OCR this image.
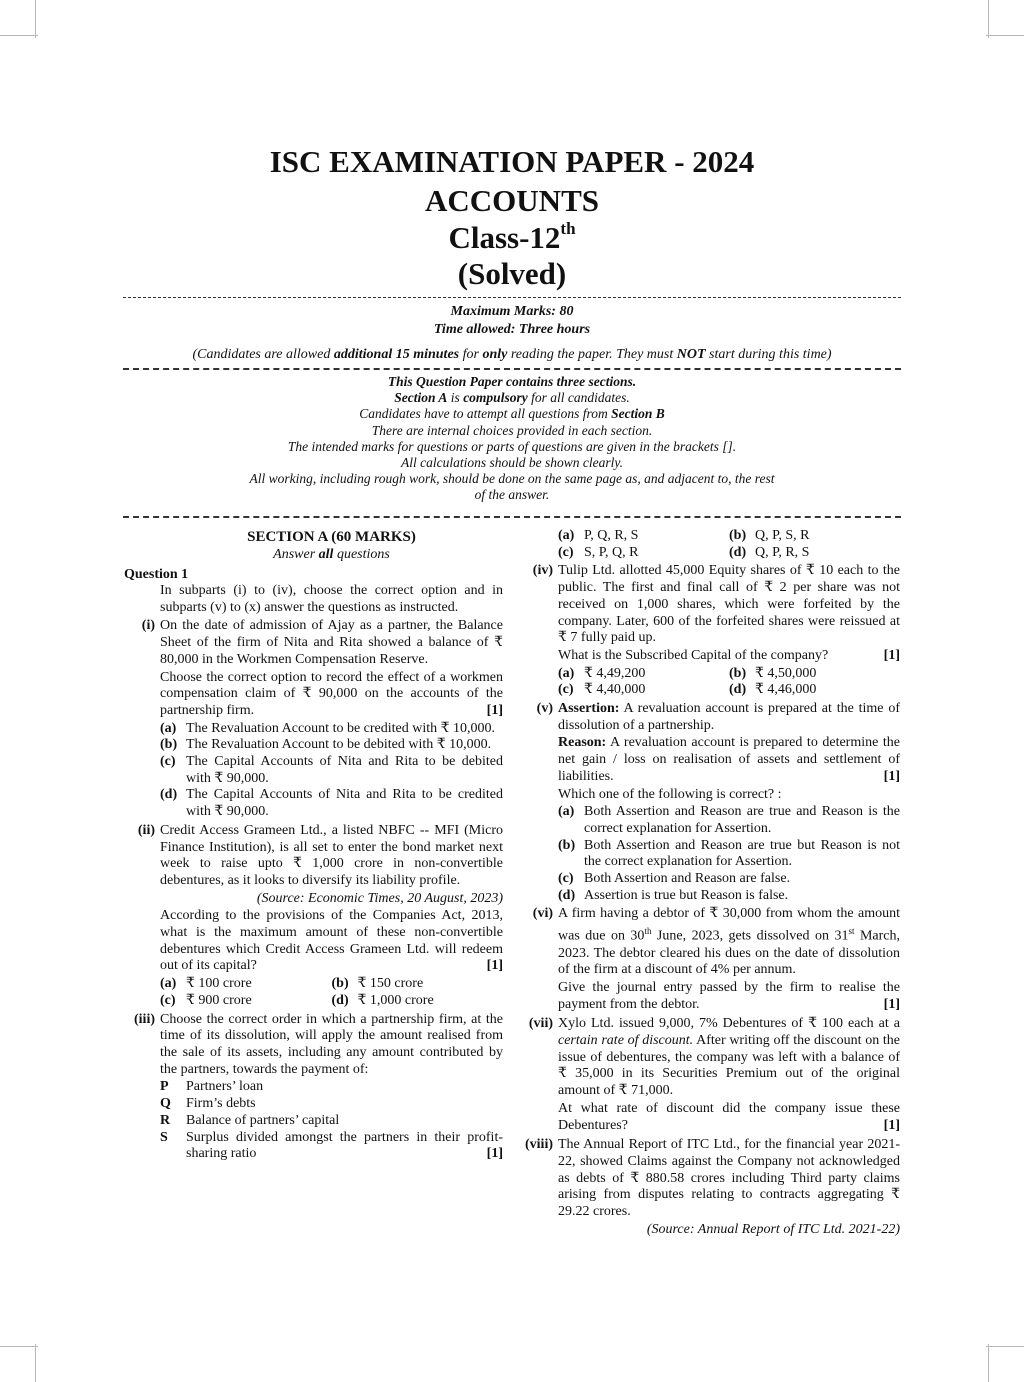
ISC EXAMINATION PAPER - 2024
ACCOUNTS
Class-12th
(Solved)
Maximum Marks: 80
Time allowed: Three hours
(Candidates are allowed additional 15 minutes for only reading the paper. They must NOT start during this time)
This Question Paper contains three sections.
Section A is compulsory for all candidates.
Candidates have to attempt all questions from Section B
There are internal choices provided in each section.
The intended marks for questions or parts of questions are given in the brackets [].
All calculations should be shown clearly.
All working, including rough work, should be done on the same page as, and adjacent to, the rest
of the answer.
SECTION A (60 MARKS)
Answer all questions
Question 1
In subparts (i) to (iv), choose the correct option and in subparts (v) to (x) answer the questions as instructed.
(i) On the date of admission of Ajay as a partner, the Balance Sheet of the firm of Nita and Rita showed a balance of ₹ 80,000 in the Workmen Compensation Reserve.

Choose the correct option to record the effect of a workmen compensation claim of ₹ 90,000 on the accounts of the partnership firm.	[1]

(a) The Revaluation Account to be credited with ₹ 10,000.
(b) The Revaluation Account to be debited with ₹ 10,000.
(c) The Capital Accounts of Nita and Rita to be debited with ₹ 90,000.
(d) The Capital Accounts of Nita and Rita to be credited with ₹ 90,000.
(ii) Credit Access Grameen Ltd., a listed NBFC -- MFI (Micro Finance Institution), is all set to enter the bond market next week to raise upto ₹ 1,000 crore in non-convertible debentures, as it looks to diversify its liability profile.

(Source: Economic Times, 20 August, 2023)

According to the provisions of the Companies Act, 2013, what is the maximum amount of these non-convertible debentures which Credit Access Grameen Ltd. will redeem out of its capital?	[1]

(a) ₹ 100 crore	(b) ₹ 150 crore
(c) ₹ 900 crore	(d) ₹ 1,000 crore
(iii) Choose the correct order in which a partnership firm, at the time of its dissolution, will apply the amount realised from the sale of its assets, including any amount contributed by the partners, towards the payment of:

P	Partners’ loan
Q	Firm’s debts
R	Balance of partners’ capital
S	Surplus divided amongst the partners in their profit-sharing ratio	[1]
(a) P, Q, R, S	(b) Q, P, S, R
(c) S, P, Q, R	(d) Q, P, R, S
(iv) Tulip Ltd. allotted 45,000 Equity shares of ₹ 10 each to the public. The first and final call of ₹ 2 per share was not received on 1,000 shares, which were forfeited by the company. Later, 600 of the forfeited shares were reissued at ₹ 7 fully paid up.

What is the Subscribed Capital of the company?	[1]

(a) ₹ 4,49,200	(b) ₹ 4,50,000
(c) ₹ 4,40,000	(d) ₹ 4,46,000
(v) Assertion: A revaluation account is prepared at the time of dissolution of a partnership.

Reason: A revaluation account is prepared to determine the net gain / loss on realisation of assets and settlement of liabilities.	[1]

Which one of the following is correct? :

(a) Both Assertion and Reason are true and Reason is the correct explanation for Assertion.
(b) Both Assertion and Reason are true but Reason is not the correct explanation for Assertion.
(c) Both Assertion and Reason are false.
(d) Assertion is true but Reason is false.
(vi) A firm having a debtor of ₹ 30,000 from whom the amount was due on 30th June, 2023, gets dissolved on 31st March, 2023. The debtor cleared his dues on the date of dissolution of the firm at a discount of 4% per annum.

Give the journal entry passed by the firm to realise the payment from the debtor.	[1]

(vii) Xylo Ltd. issued 9,000, 7% Debentures of ₹ 100 each at a certain rate of discount. After writing off the discount on the issue of debentures, the company was left with a balance of ₹ 35,000 in its Securities Premium out of the original amount of ₹ 71,000.

At what rate of discount did the company issue these Debentures?	[1]

(viii) The Annual Report of ITC Ltd., for the financial year 2021-22, showed Claims against the Company not acknowledged as debts of ₹ 880.58 crores including Third party claims arising from disputes relating to contracts aggregating ₹ 29.22 crores.

(Source: Annual Report of ITC Ltd. 2021-22)
